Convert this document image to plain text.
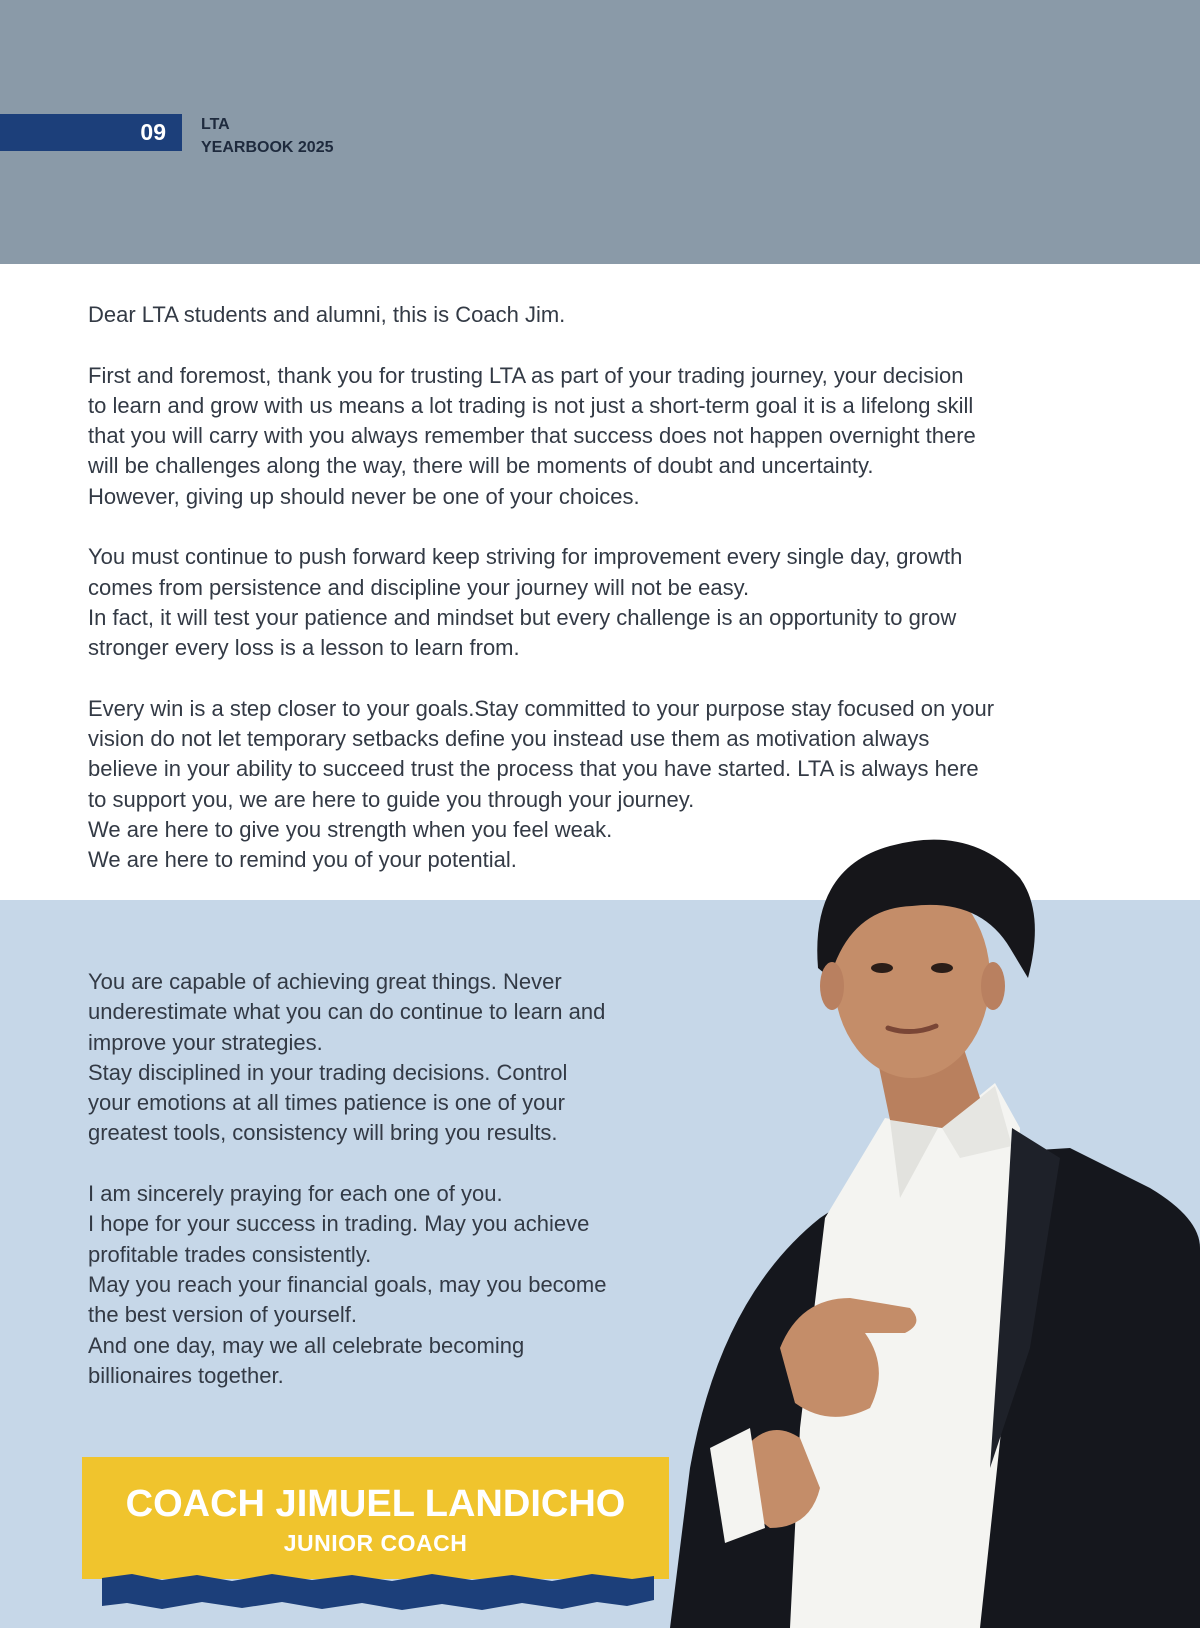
09 LTA
YEARBOOK 2025

Dear LTA students and alumni, this is Coach Jim.

First and foremost, thank you for trusting LTA as part of your trading journey, your decision
to learn and grow with us means a lot trading is not just a short-term goal it is a lifelong skill
that you will carry with you always remember that success does not happen overnight there
will be challenges along the way, there will be moments of doubt and uncertainty.
However, giving up should never be one of your choices.

You must continue to push forward keep striving for improvement every single day, growth
comes from persistence and discipline your journey will not be easy.
In fact, it will test your patience and mindset but every challenge is an opportunity to grow
stronger every loss is a lesson to learn from.

Every win is a step closer to your goals.Stay committed to your purpose stay focused on your
vision do not let temporary setbacks define you instead use them as motivation always
believe in your ability to succeed trust the process that you have started. LTA is always here
to support you, we are here to guide you through your journey.
We are here to give you strength when you feel weak.
We are here to remind you of your potential.

You are capable of achieving great things. Never
underestimate what you can do continue to learn and
improve your strategies.
Stay disciplined in your trading decisions. Control
your emotions at all times patience is one of your
greatest tools, consistency will bring you results.

I am sincerely praying for each one of you.
I hope for your success in trading. May you achieve
profitable trades consistently.
May you reach your financial goals, may you become
the best version of yourself.
And one day, may we all celebrate becoming
billionaires together.

COACH JIMUEL LANDICHO
JUNIOR COACH
